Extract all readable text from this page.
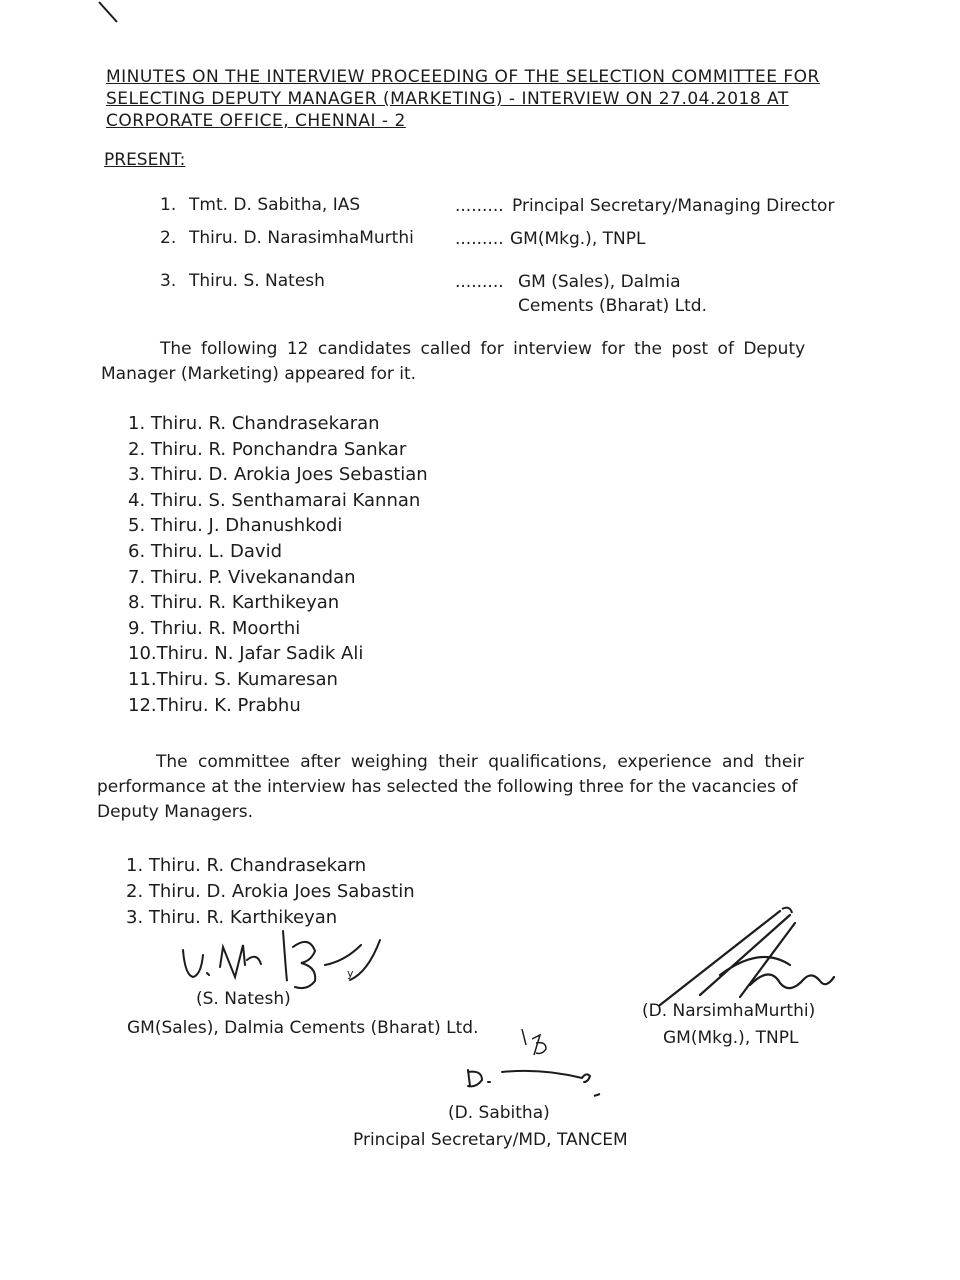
MINUTES ON THE INTERVIEW PROCEEDING OF THE SELECTION COMMITTEE FOR
SELECTING DEPUTY MANAGER (MARKETING) - INTERVIEW ON 27.04.2018 AT
CORPORATE OFFICE, CHENNAI - 2
PRESENT:
1. Tmt. D. Sabitha, IAS	......... Principal Secretary/Managing Director
2. Thiru. D. NarasimhaMurthi ......... GM(Mkg.), TNPL
3. Thiru. S. Natesh	......... GM (Sales), Dalmia
Cements (Bharat) Ltd.
The following 12 candidates called for interview for the post of Deputy
Manager (Marketing) appeared for it.
1. Thiru. R. Chandrasekaran
2. Thiru. R. Ponchandra Sankar
3. Thiru. D. Arokia Joes Sebastian
4. Thiru. S. Senthamarai Kannan
5. Thiru. J. Dhanushkodi
6. Thiru. L. David
7. Thiru. P. Vivekanandan
8. Thiru. R. Karthikeyan
9. Thriu. R. Moorthi
10.Thiru. N. Jafar Sadik Ali
11.Thiru. S. Kumaresan
12.Thiru. K. Prabhu
The committee after weighing their qualifications, experience and their
performance at the interview has selected the following three for the vacancies of
Deputy Managers.
1. Thiru. R. Chandrasekarn
2. Thiru. D. Arokia Joes Sabastin
3. Thiru. R. Karthikeyan
y
(S. Natesh)
GM(Sales), Dalmia Cements (Bharat) Ltd.
(D. NarsimhaMurthi)
GM(Mkg.), TNPL
(D. Sabitha)
Principal Secretary/MD, TANCEM
